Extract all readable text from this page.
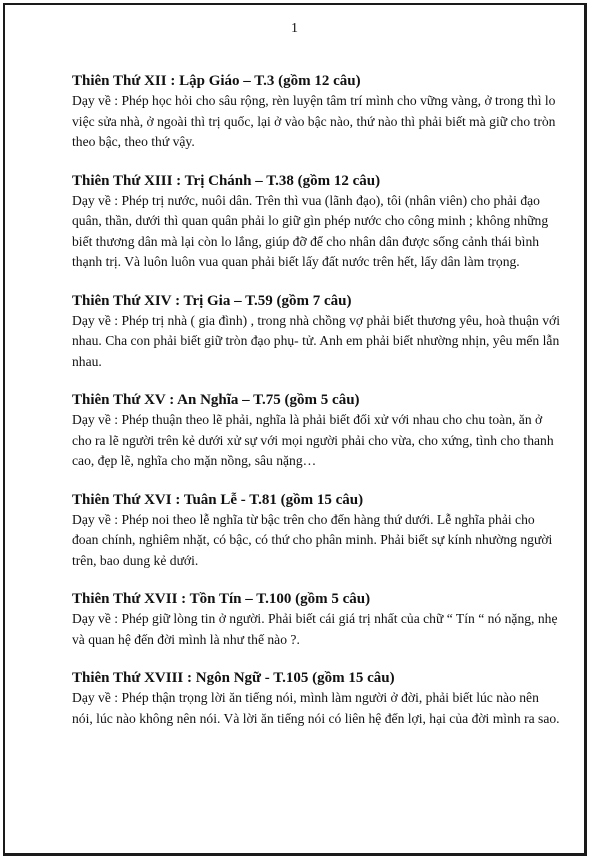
1

Thiên Thứ XII : Lập Giáo – T.3 (gồm 12 câu)

Dạy về : Phép học hỏi cho sâu rộng, rèn luyện tâm trí mình cho vững vàng, ở trong thì lo việc sửa nhà, ở ngoài thì trị quốc, lại ở vào bậc nào, thứ nào thì phải biết mà giữ cho tròn theo bậc, theo thứ vậy.

Thiên Thứ XIII : Trị Chánh – T.38 (gồm 12 câu)

Dạy về : Phép trị nước, nuôi dân. Trên thì vua (lãnh đạo), tôi (nhân viên) cho phải đạo quân, thần, dưới thì quan quân phải lo giữ gìn phép nước cho công minh ; không những biết thương dân mà lại còn lo lắng, giúp đỡ để cho nhân dân được sống cảnh thái bình thạnh trị. Và luôn luôn vua quan phải biết lấy đất nước trên hết, lấy dân làm trọng.

Thiên Thứ XIV : Trị Gia – T.59 (gồm 7 câu)

Dạy về : Phép trị nhà ( gia đình) , trong nhà chồng vợ phải biết thương yêu, hoà thuận với nhau. Cha con phải biết giữ tròn đạo phụ- tử. Anh em phải biết nhường nhịn, yêu mến lẫn nhau.

Thiên Thứ XV : An Nghĩa – T.75 (gồm 5 câu)

Dạy về : Phép thuận theo lẽ phải, nghĩa là phải biết đối xử với nhau cho chu toàn, ăn ở cho ra lẽ người trên kẻ dưới xử sự với mọi người phải cho vừa, cho xứng, tình cho thanh cao, đẹp lẽ, nghĩa cho mặn nồng, sâu nặng…

Thiên Thứ XVI : Tuân Lễ - T.81 (gồm 15 câu)

Dạy về : Phép noi theo lễ nghĩa từ bậc trên cho đến hàng thứ dưới. Lễ nghĩa phải cho đoan chính, nghiêm nhặt, có bậc, có thứ cho phân minh. Phải biết sự kính nhường người trên, bao dung kẻ dưới.

Thiên Thứ XVII : Tồn Tín – T.100 (gồm 5 câu)

Dạy về : Phép giữ lòng tin ở người. Phải biết cái giá trị nhất của chữ “ Tín “ nó nặng, nhẹ và quan hệ đến đời mình là như thế nào ?.

Thiên Thứ XVIII : Ngôn Ngữ - T.105 (gồm 15 câu)

Dạy về : Phép thận trọng lời ăn tiếng nói, mình làm người ở đời, phải biết lúc nào nên nói, lúc nào không nên nói. Và lời ăn tiếng nói có liên hệ đến lợi, hại của đời mình ra sao.
